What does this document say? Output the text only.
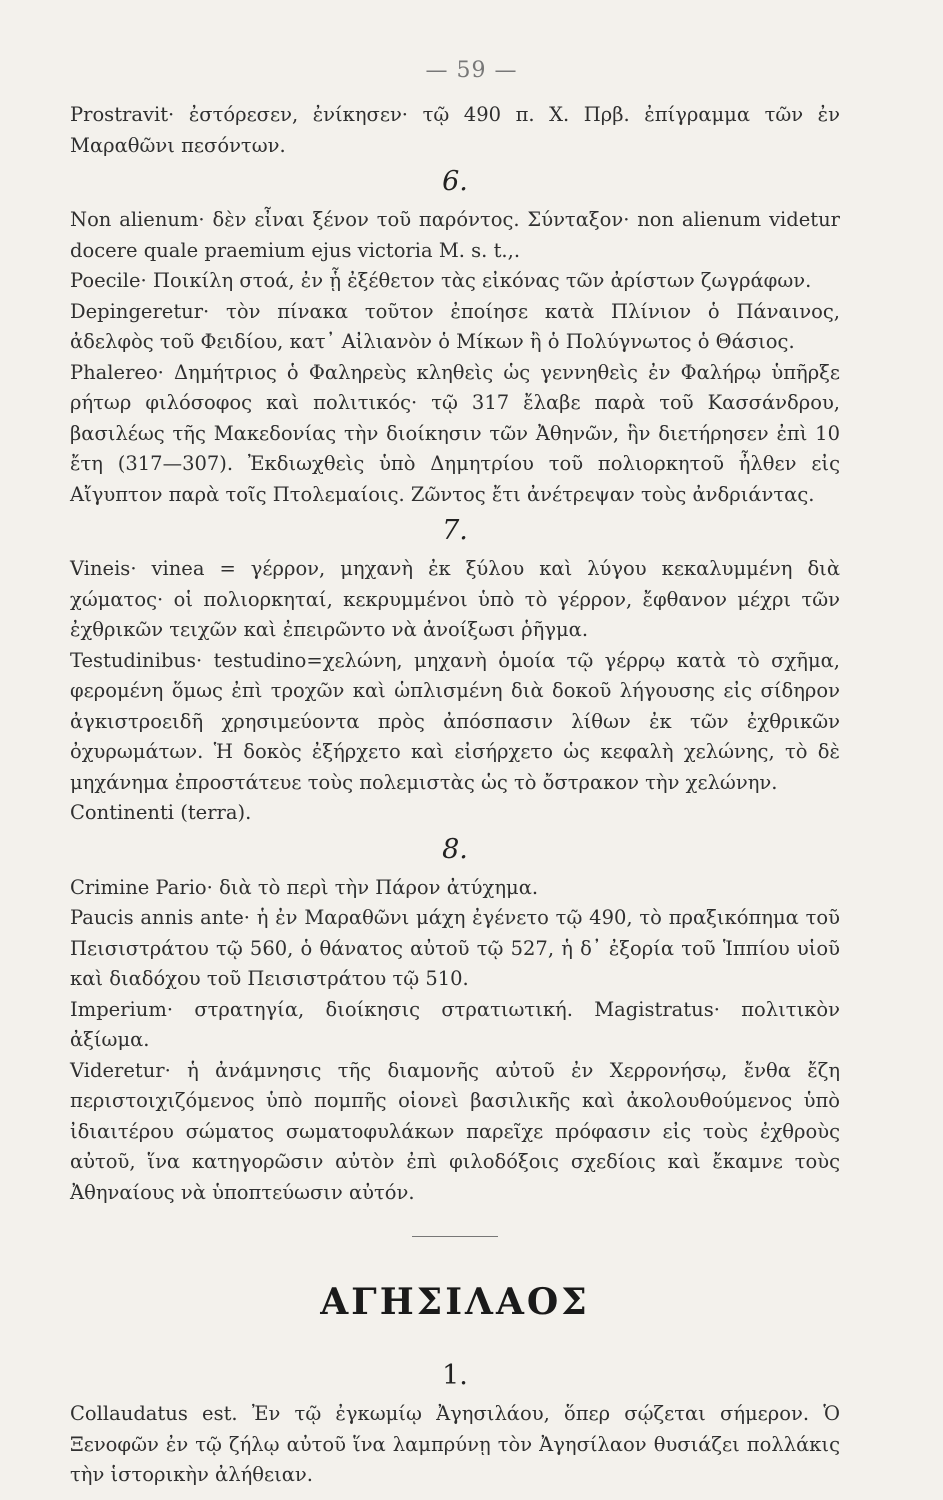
— 59 —

Prostravit· ἐστόρεσεν, ἐνίκησεν· τῷ 490 π. Χ. Πρβ. ἐπίγραμμα τῶν ἐν Μαραθῶνι πεσόντων.

6.

Non alienum· δὲν εἶναι ξένον τοῦ παρόντος. Σύνταξον· non alienum videtur docere quale praemium ejus victoria M. s. t.,.

Poecile· Ποικίλη στοά, ἐν ᾗ ἐξέθετον τὰς εἰκόνας τῶν ἀρίστων ζωγράφων.

Depingeretur· τὸν πίνακα τοῦτον ἐποίησε κατὰ Πλίνιον ὁ Πάναινος, ἀδελφὸς τοῦ Φειδίου, κατ᾽ Αἰλιανὸν ὁ Μίκων ἢ ὁ Πολύγνωτος ὁ Θάσιος.

Phalereo· Δημήτριος ὁ Φαληρεὺς κληθεὶς ὡς γεννηθεὶς ἐν Φαλήρῳ ὑπῆρξε ρήτωρ φιλόσοφος καὶ πολιτικός· τῷ 317 ἔλαβε παρὰ τοῦ Κασσάνδρου, βασιλέως τῆς Μακεδονίας τὴν διοίκησιν τῶν Ἀθηνῶν, ἣν διετήρησεν ἐπὶ 10 ἔτη (317—307). Ἐκδιωχθεὶς ὑπὸ Δημητρίου τοῦ πολιορκητοῦ ἦλθεν εἰς Αἴγυπτον παρὰ τοῖς Πτολεμαίοις. Ζῶντος ἔτι ἀνέτρεψαν τοὺς ἀνδριάντας.

7.

Vineis· vinea = γέρρον, μηχανὴ ἐκ ξύλου καὶ λύγου κεκαλυμμένη διὰ χώματος· οἱ πολιορκηταί, κεκρυμμένοι ὑπὸ τὸ γέρρον, ἔφθανον μέχρι τῶν ἐχθρικῶν τειχῶν καὶ ἐπειρῶντο νὰ ἀνοίξωσι ῥῆγμα.

Testudinibus· testudino=χελώνη, μηχανὴ ὁμοία τῷ γέρρῳ κατὰ τὸ σχῆμα, φερομένη ὅμως ἐπὶ τροχῶν καὶ ὡπλισμένη διὰ δοκοῦ λήγουσης εἰς σίδηρον ἀγκιστροειδῆ χρησιμεύοντα πρὸς ἀπόσπασιν λίθων ἐκ τῶν ἐχθρικῶν ὀχυρωμάτων. Ἡ δοκὸς ἐξήρχετο καὶ εἰσήρχετο ὡς κεφαλὴ χελώνης, τὸ δὲ μηχάνημα ἐπροστάτευε τοὺς πολεμιστὰς ὡς τὸ ὄστρακον τὴν χελώνην.

Continenti (terra).

8.

Crimine Pario· διὰ τὸ περὶ τὴν Πάρον ἀτύχημα.

Paucis annis ante· ἡ ἐν Μαραθῶνι μάχη ἐγένετο τῷ 490, τὸ πραξικόπημα τοῦ Πεισιστράτου τῷ 560, ὁ θάνατος αὐτοῦ τῷ 527, ἡ δ᾽ ἐξορία τοῦ Ἱππίου υἱοῦ καὶ διαδόχου τοῦ Πεισιστράτου τῷ 510.

Imperium· στρατηγία, διοίκησις στρατιωτική. Magistratus· πολιτικὸν ἀξίωμα.

Videretur· ἡ ἀνάμνησις τῆς διαμονῆς αὐτοῦ ἐν Χερρονήσῳ, ἔνθα ἔζη περιστοιχιζόμενος ὑπὸ πομπῆς οἱονεὶ βασιλικῆς καὶ ἀκολουθούμενος ὑπὸ ἰδιαιτέρου σώματος σωματοφυλάκων παρεῖχε πρόφασιν εἰς τοὺς ἐχθροὺς αὐτοῦ, ἵνα κατηγορῶσιν αὐτὸν ἐπὶ φιλοδόξοις σχεδίοις καὶ ἔκαμνε τοὺς Ἀθηναίους νὰ ὑποπτεύωσιν αὐτόν.

ΑΓΗΣΙΛΑΟΣ
1.

Collaudatus est. Ἐν τῷ ἐγκωμίῳ Ἀγησιλάου, ὅπερ σῴζεται σήμερον. Ὁ Ξενοφῶν ἐν τῷ ζήλῳ αὐτοῦ ἵνα λαμπρύνῃ τὸν Ἀγησίλαον θυσιάζει πολλάκις τὴν ἱστορικὴν ἀλήθειαν.
